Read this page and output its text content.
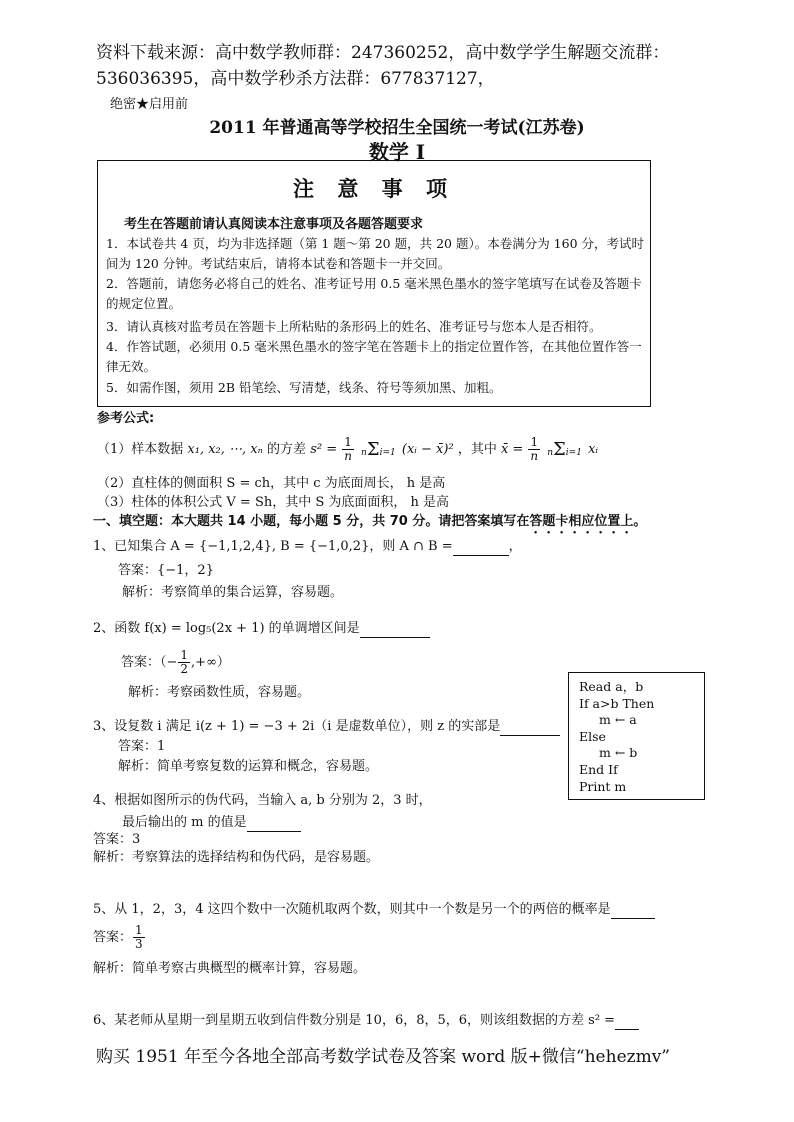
资料下载来源：高中数学教师群：247360252，高中数学学生解题交流群：
536036395，高中数学秒杀方法群：677837127，
绝密★启用前
2011 年普通高等学校招生全国统一考试(江苏卷)
数学 I
注 意 事 项
考生在答题前请认真阅读本注意事项及各题答题要求
1．本试卷共 4 页，均为非选择题（第 1 题～第 20 题，共 20 题）。本卷满分为 160 分，考试时间为 120 分钟。考试结束后，请将本试卷和答题卡一并交回。
2．答题前，请您务必将自己的姓名、准考证号用 0.5 毫米黑色墨水的签字笔填写在试卷及答题卡的规定位置。
3．请认真核对监考员在答题卡上所粘贴的条形码上的姓名、准考证号与您本人是否相符。
4．作答试题，必须用 0.5 毫米黑色墨水的签字笔在答题卡上的指定位置作答，在其他位置作答一律无效。
5．如需作图，须用 2B 铅笔绘、写清楚，线条、符号等须加黑、加粗。
参考公式:
（1）样本数据 x₁, x₂, ⋯, xₙ 的方差 $s^2 = \frac{1}{n} n\Sigma i=1$ (xᵢ − x̄)² ，其中 x̄ = $\frac{1}{n} n\Sigma i=1$ xᵢ
（2）直柱体的侧面积 S = ch，其中 c 为底面周长， h 是高
（3）柱体的体积公式 V = Sh，其中 S 为底面面积， h 是高
一、填空题：本大题共 14 小题，每小题 5 分，共 70 分。请把答案填写在答题卡相应位置上。
1、已知集合 A = {−1,1,2,4}, B = {−1,0,2}，则 A ∩ B =	，
答案：{−1，2}
解析：考察简单的集合运算，容易题。
2、函数 f(x) = log₅(2x + 1) 的单调增区间是
答案：（− $\frac{1}{2}$ ,+∞）
解析：考察函数性质，容易题。	Read a，b
If a>b Then
m ← a
Else
m ← b
End If
Print m
3、设复数 i 满足 i(z + 1) = −3 + 2i（i 是虚数单位），则 z 的实部是
答案：1
解析：简单考察复数的运算和概念，容易题。
4、根据如图所示的伪代码，当输入 a, b 分别为 2，3 时，
最后输出的 m 的值是
答案：3
解析：考察算法的选择结构和伪代码，是容易题。
5、从 1，2，3，4 这四个数中一次随机取两个数，则其中一个数是另一个的两倍的概率是
答案： $\frac{1}{3}$
解析：简单考察古典概型的概率计算，容易题。
6、某老师从星期一到星期五收到信件数分别是 10，6，8，5，6，则该组数据的方差 s² =
购买 1951 年至今各地全部高考数学试卷及答案 word 版+微信“hehezmv”
